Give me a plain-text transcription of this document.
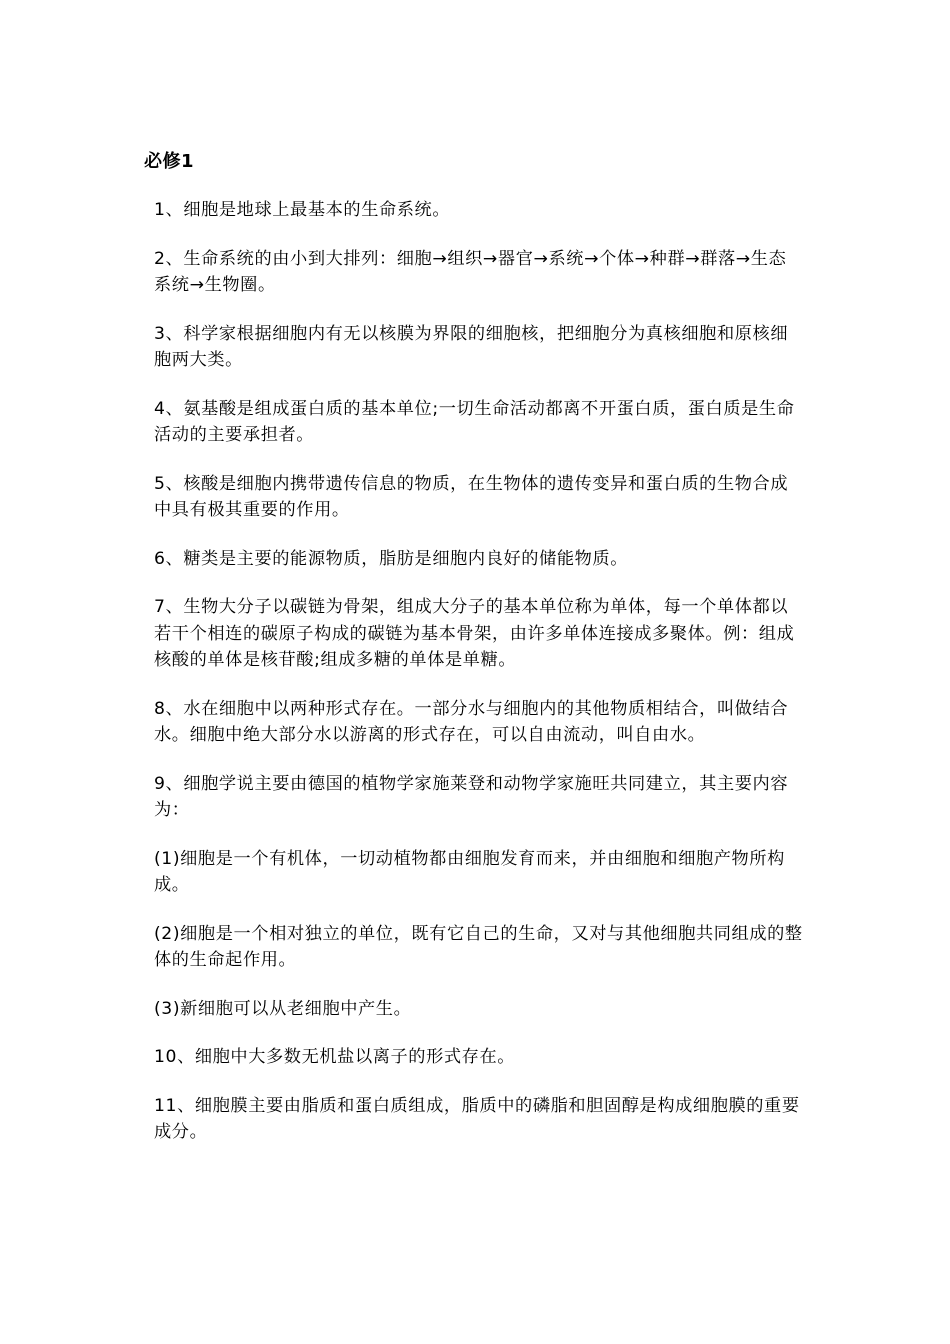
必修1

1、细胞是地球上最基本的生命系统。

2、生命系统的由小到大排列：细胞→组织→器官→系统→个体→种群→群落→生态系统→生物圈。

3、科学家根据细胞内有无以核膜为界限的细胞核，把细胞分为真核细胞和原核细胞两大类。

4、氨基酸是组成蛋白质的基本单位;一切生命活动都离不开蛋白质，蛋白质是生命活动的主要承担者。

5、核酸是细胞内携带遗传信息的物质，在生物体的遗传变异和蛋白质的生物合成中具有极其重要的作用。

6、糖类是主要的能源物质，脂肪是细胞内良好的储能物质。

7、生物大分子以碳链为骨架，组成大分子的基本单位称为单体，每一个单体都以若干个相连的碳原子构成的碳链为基本骨架，由许多单体连接成多聚体。例：组成核酸的单体是核苷酸;组成多糖的单体是单糖。

8、水在细胞中以两种形式存在。一部分水与细胞内的其他物质相结合，叫做结合水。细胞中绝大部分水以游离的形式存在，可以自由流动，叫自由水。

9、细胞学说主要由德国的植物学家施莱登和动物学家施旺共同建立，其主要内容为：

(1)细胞是一个有机体，一切动植物都由细胞发育而来，并由细胞和细胞产物所构成。

(2)细胞是一个相对独立的单位，既有它自己的生命，又对与其他细胞共同组成的整体的生命起作用。

(3)新细胞可以从老细胞中产生。

10、细胞中大多数无机盐以离子的形式存在。

11、细胞膜主要由脂质和蛋白质组成，脂质中的磷脂和胆固醇是构成细胞膜的重要成分。
